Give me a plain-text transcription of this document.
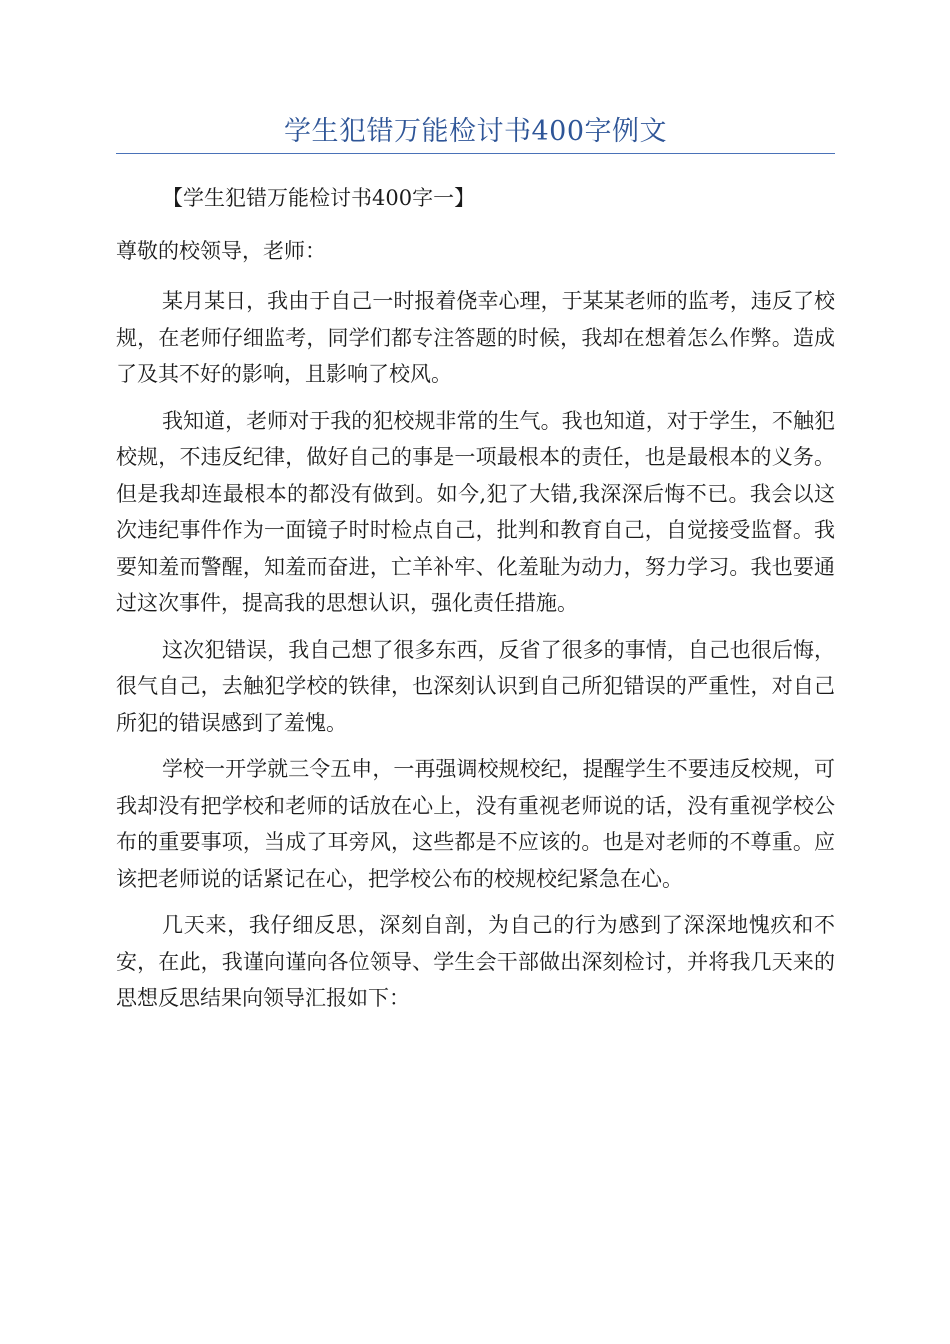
学生犯错万能检讨书400字例文

【学生犯错万能检讨书400字一】

尊敬的校领导，老师：

某月某日，我由于自己一时报着侥幸心理，于某某老师的监考，违反了校规，在老师仔细监考，同学们都专注答题的时候，我却在想着怎么作弊。造成了及其不好的影响，且影响了校风。

我知道，老师对于我的犯校规非常的生气。我也知道，对于学生，不触犯校规，不违反纪律，做好自己的事是一项最根本的责任，也是最根本的义务。但是我却连最根本的都没有做到。如今,犯了大错,我深深后悔不已。我会以这次违纪事件作为一面镜子时时检点自己，批判和教育自己，自觉接受监督。我要知羞而警醒，知羞而奋进，亡羊补牢、化羞耻为动力，努力学习。我也要通过这次事件，提高我的思想认识，强化责任措施。

这次犯错误，我自己想了很多东西，反省了很多的事情，自己也很后悔，很气自己，去触犯学校的铁律，也深刻认识到自己所犯错误的严重性，对自己所犯的错误感到了羞愧。

学校一开学就三令五申，一再强调校规校纪，提醒学生不要违反校规，可我却没有把学校和老师的话放在心上，没有重视老师说的话，没有重视学校公布的重要事项，当成了耳旁风，这些都是不应该的。也是对老师的不尊重。应该把老师说的话紧记在心，把学校公布的校规校纪紧急在心。

几天来，我仔细反思，深刻自剖，为自己的行为感到了深深地愧疚和不安，在此，我谨向谨向各位领导、学生会干部做出深刻检讨，并将我几天来的思想反思结果向领导汇报如下：
